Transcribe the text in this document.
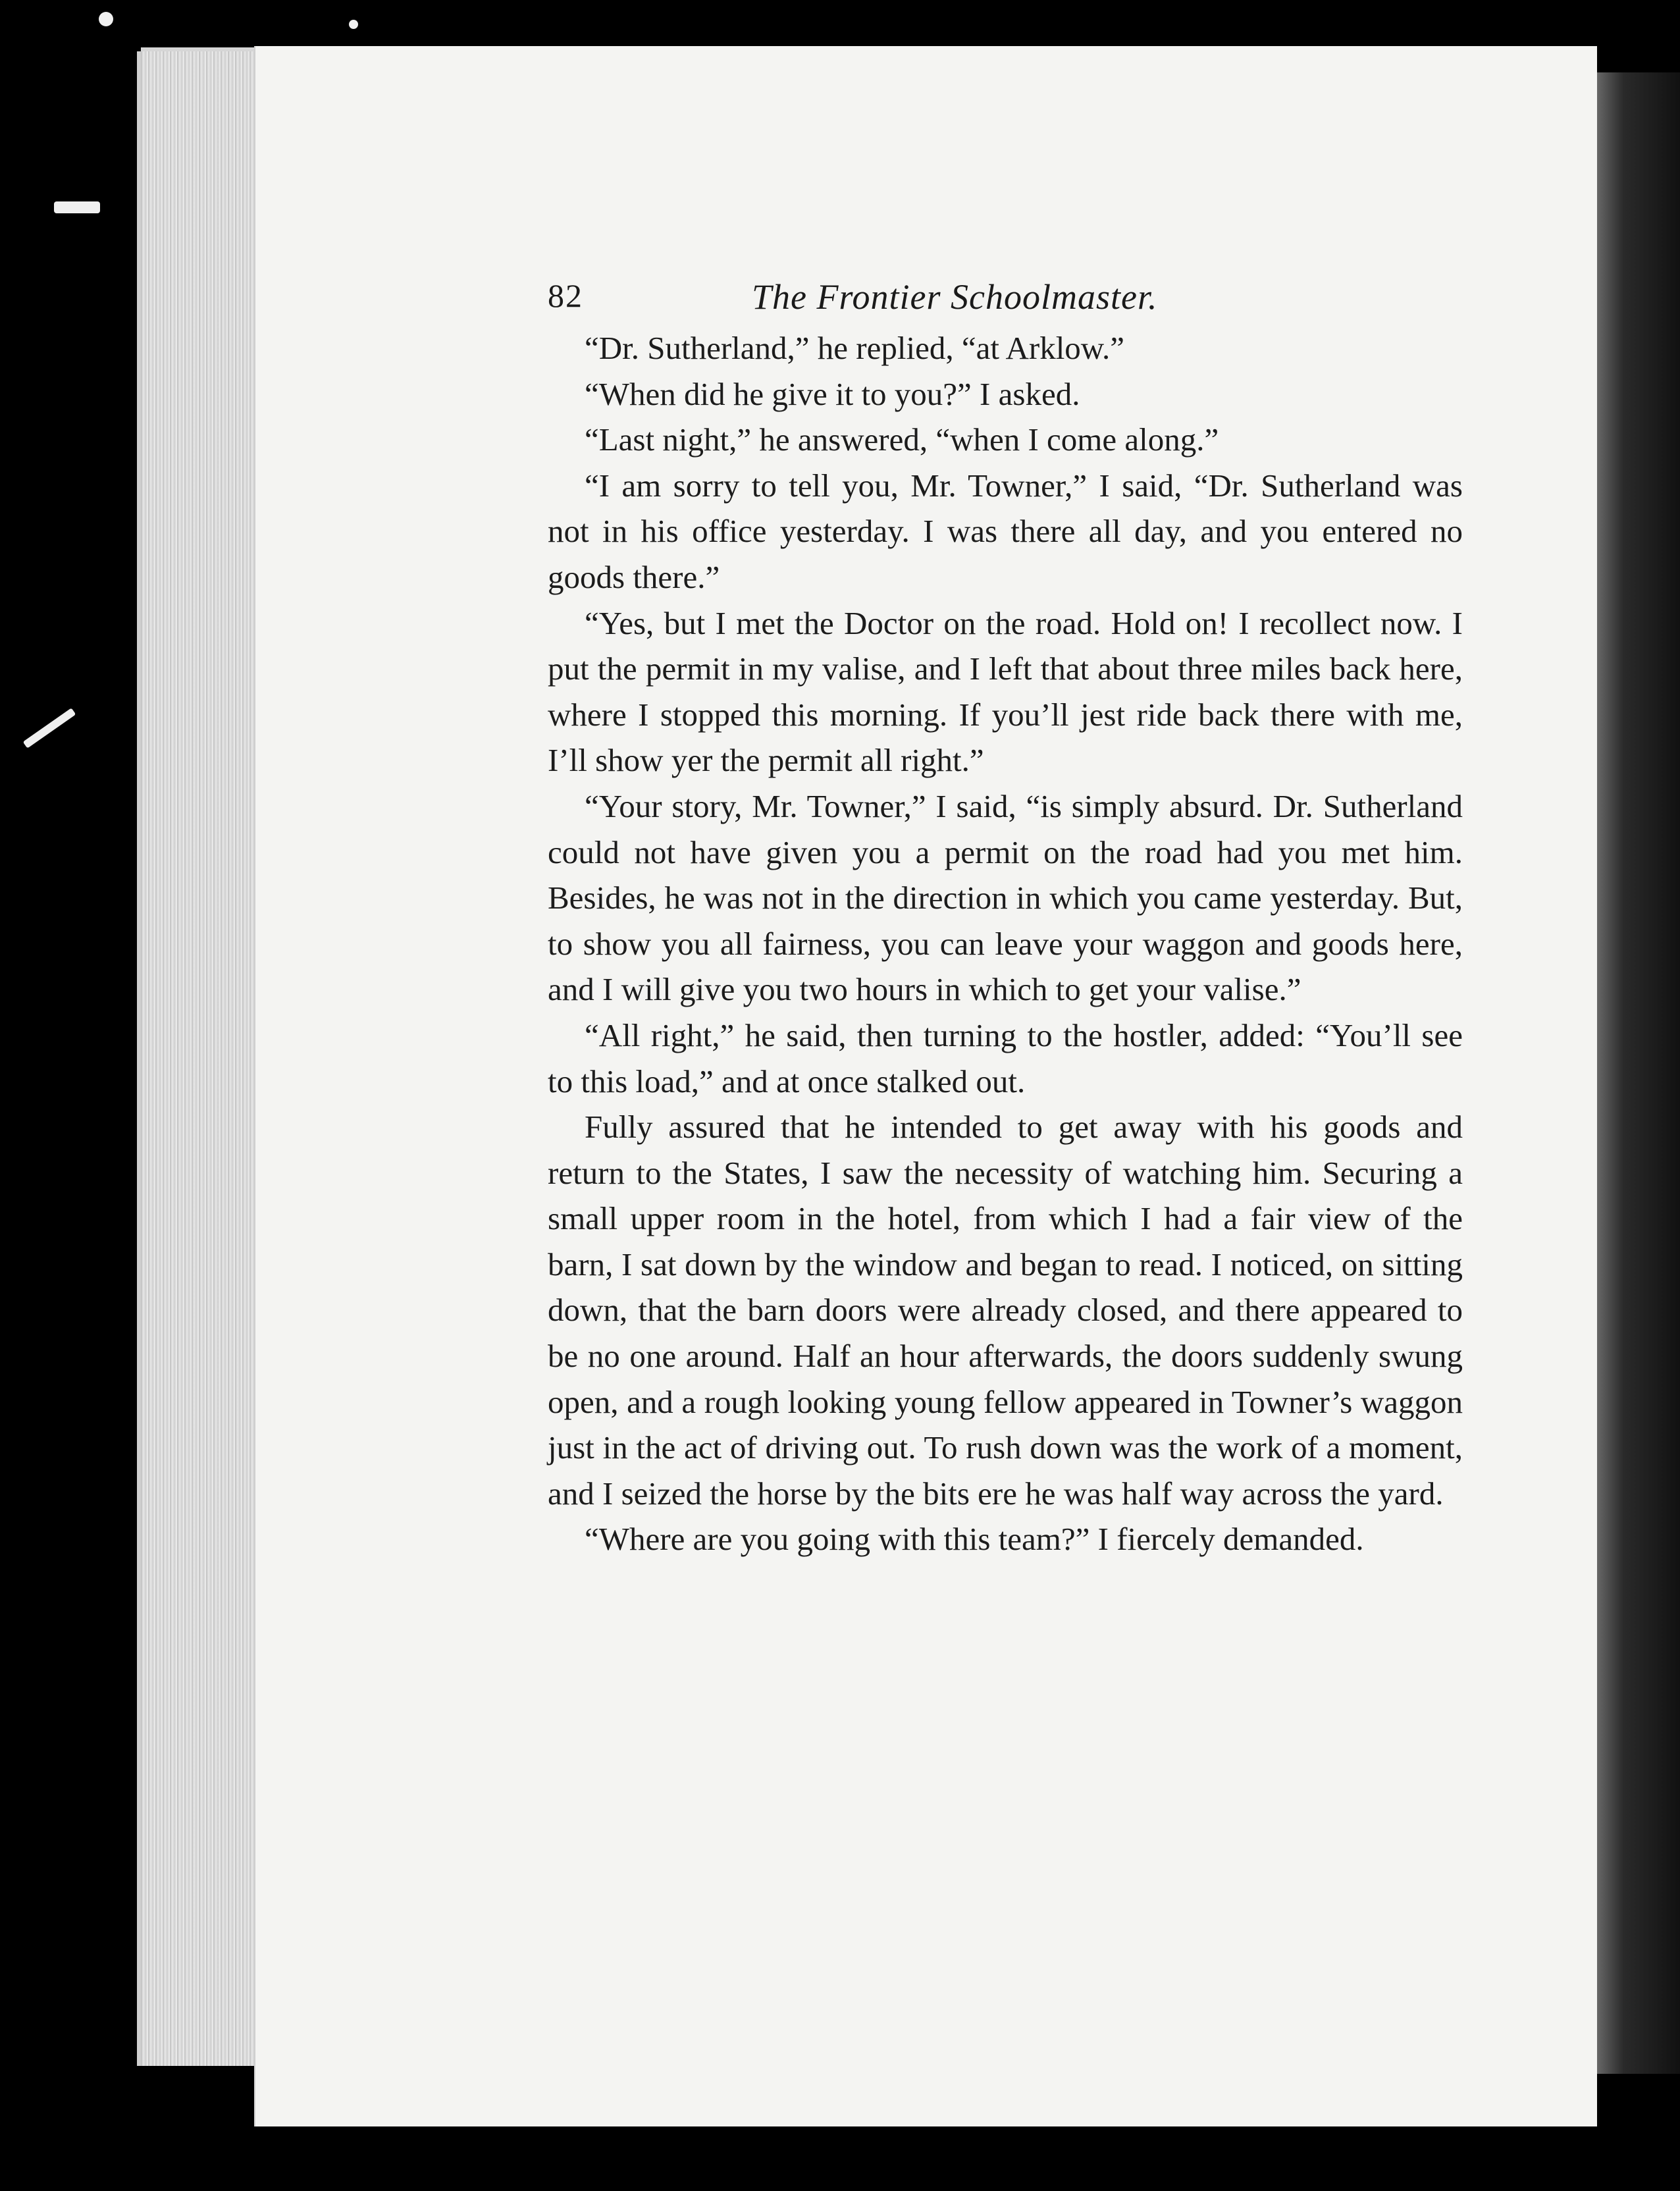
82	The Frontier Schoolmaster.

“Dr. Sutherland,” he replied, “at Arklow.”

“When did he give it to you?” I asked.

“Last night,” he answered, “when I come along.”

“I am sorry to tell you, Mr. Towner,” I said, “Dr. Sutherland was not in his office yesterday. I was there all day, and you entered no goods there.”

“Yes, but I met the Doctor on the road. Hold on! I recollect now. I put the permit in my valise, and I left that about three miles back here, where I stopped this morning. If you’ll jest ride back there with me, I’ll show yer the permit all right.”

“Your story, Mr. Towner,” I said, “is simply absurd. Dr. Sutherland could not have given you a permit on the road had you met him. Besides, he was not in the direction in which you came yesterday. But, to show you all fairness, you can leave your waggon and goods here, and I will give you two hours in which to get your valise.”

“All right,” he said, then turning to the hostler, added: “You’ll see to this load,” and at once stalked out.

Fully assured that he intended to get away with his goods and return to the States, I saw the necessity of watching him. Securing a small upper room in the hotel, from which I had a fair view of the barn, I sat down by the window and began to read. I noticed, on sitting down, that the barn doors were already closed, and there appeared to be no one around. Half an hour afterwards, the doors suddenly swung open, and a rough looking young fellow appeared in Towner’s waggon just in the act of driving out. To rush down was the work of a moment, and I seized the horse by the bits ere he was half way across the yard.

“Where are you going with this team?” I fiercely demanded.
